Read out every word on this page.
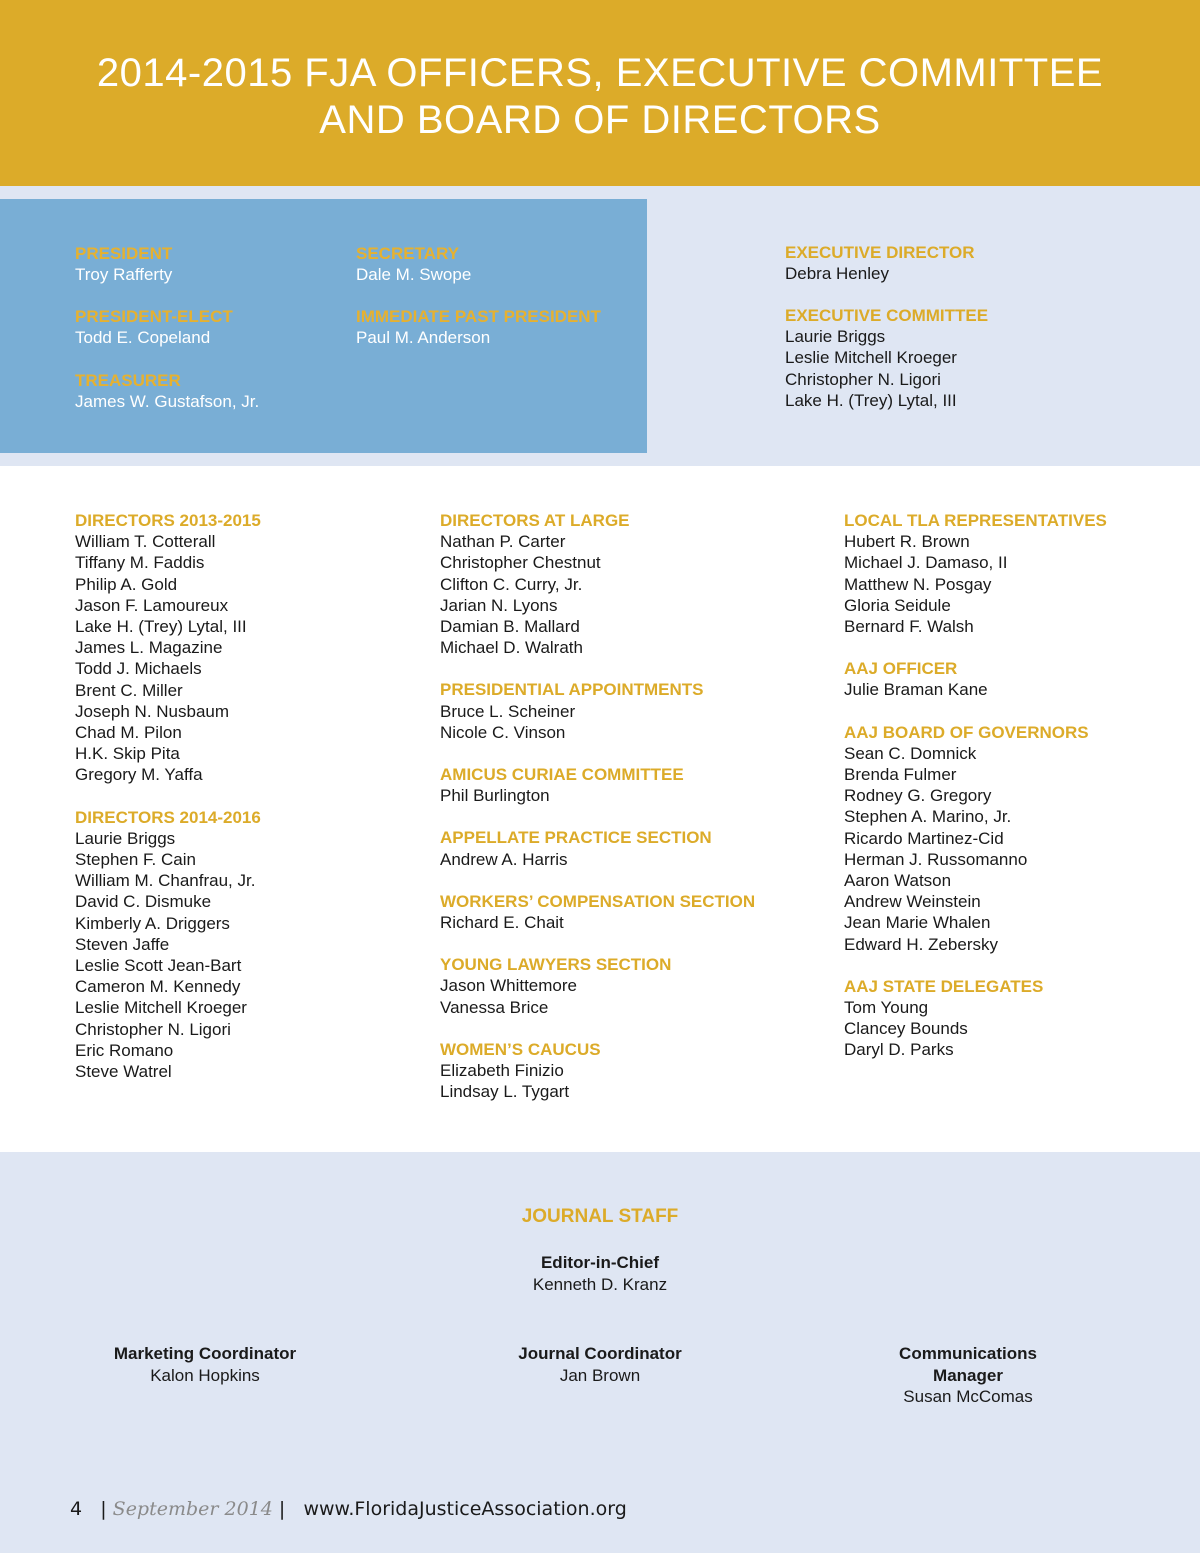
2014-2015 FJA OFFICERS, EXECUTIVE COMMITTEE
AND BOARD OF DIRECTORS
PRESIDENT
Troy Rafferty
PRESIDENT-ELECT
Todd E. Copeland
TREASURER
James W. Gustafson, Jr.
SECRETARY
Dale M. Swope
IMMEDIATE PAST PRESIDENT
Paul M. Anderson
EXECUTIVE DIRECTOR
Debra Henley
EXECUTIVE COMMITTEE
Laurie Briggs
Leslie Mitchell Kroeger
Christopher N. Ligori
Lake H. (Trey) Lytal, III
DIRECTORS 2013-2015
William T. Cotterall
Tiffany M. Faddis
Philip A. Gold
Jason F. Lamoureux
Lake H. (Trey) Lytal, III
James L. Magazine
Todd J. Michaels
Brent C. Miller
Joseph N. Nusbaum
Chad M. Pilon
H.K. Skip Pita
Gregory M. Yaffa
DIRECTORS 2014-2016
Laurie Briggs
Stephen F. Cain
William M. Chanfrau, Jr.
David C. Dismuke
Kimberly A. Driggers
Steven Jaffe
Leslie Scott Jean-Bart
Cameron M. Kennedy
Leslie Mitchell Kroeger
Christopher N. Ligori
Eric Romano
Steve Watrel
DIRECTORS AT LARGE
Nathan P. Carter
Christopher Chestnut
Clifton C. Curry, Jr.
Jarian N. Lyons
Damian B. Mallard
Michael D. Walrath
PRESIDENTIAL APPOINTMENTS
Bruce L. Scheiner
Nicole C. Vinson
AMICUS CURIAE COMMITTEE
Phil Burlington
APPELLATE PRACTICE SECTION
Andrew A. Harris
WORKERS’ COMPENSATION SECTION
Richard E. Chait
YOUNG LAWYERS SECTION
Jason Whittemore
Vanessa Brice
WOMEN’S CAUCUS
Elizabeth Finizio
Lindsay L. Tygart
LOCAL TLA REPRESENTATIVES
Hubert R. Brown
Michael J. Damaso, II
Matthew N. Posgay
Gloria Seidule
Bernard F. Walsh
AAJ OFFICER
Julie Braman Kane
AAJ BOARD OF GOVERNORS
Sean C. Domnick
Brenda Fulmer
Rodney G. Gregory
Stephen A. Marino, Jr.
Ricardo Martinez-Cid
Herman J. Russomanno
Aaron Watson
Andrew Weinstein
Jean Marie Whalen
Edward H. Zebersky
AAJ STATE DELEGATES
Tom Young
Clancey Bounds
Daryl D. Parks
JOURNAL STAFF
Editor-in-Chief
Kenneth D. Kranz
Marketing Coordinator
Kalon Hopkins
Journal Coordinator
Jan Brown
Communications
Manager
Susan McComas
4 | September 2014 | www.FloridaJusticeAssociation.org
